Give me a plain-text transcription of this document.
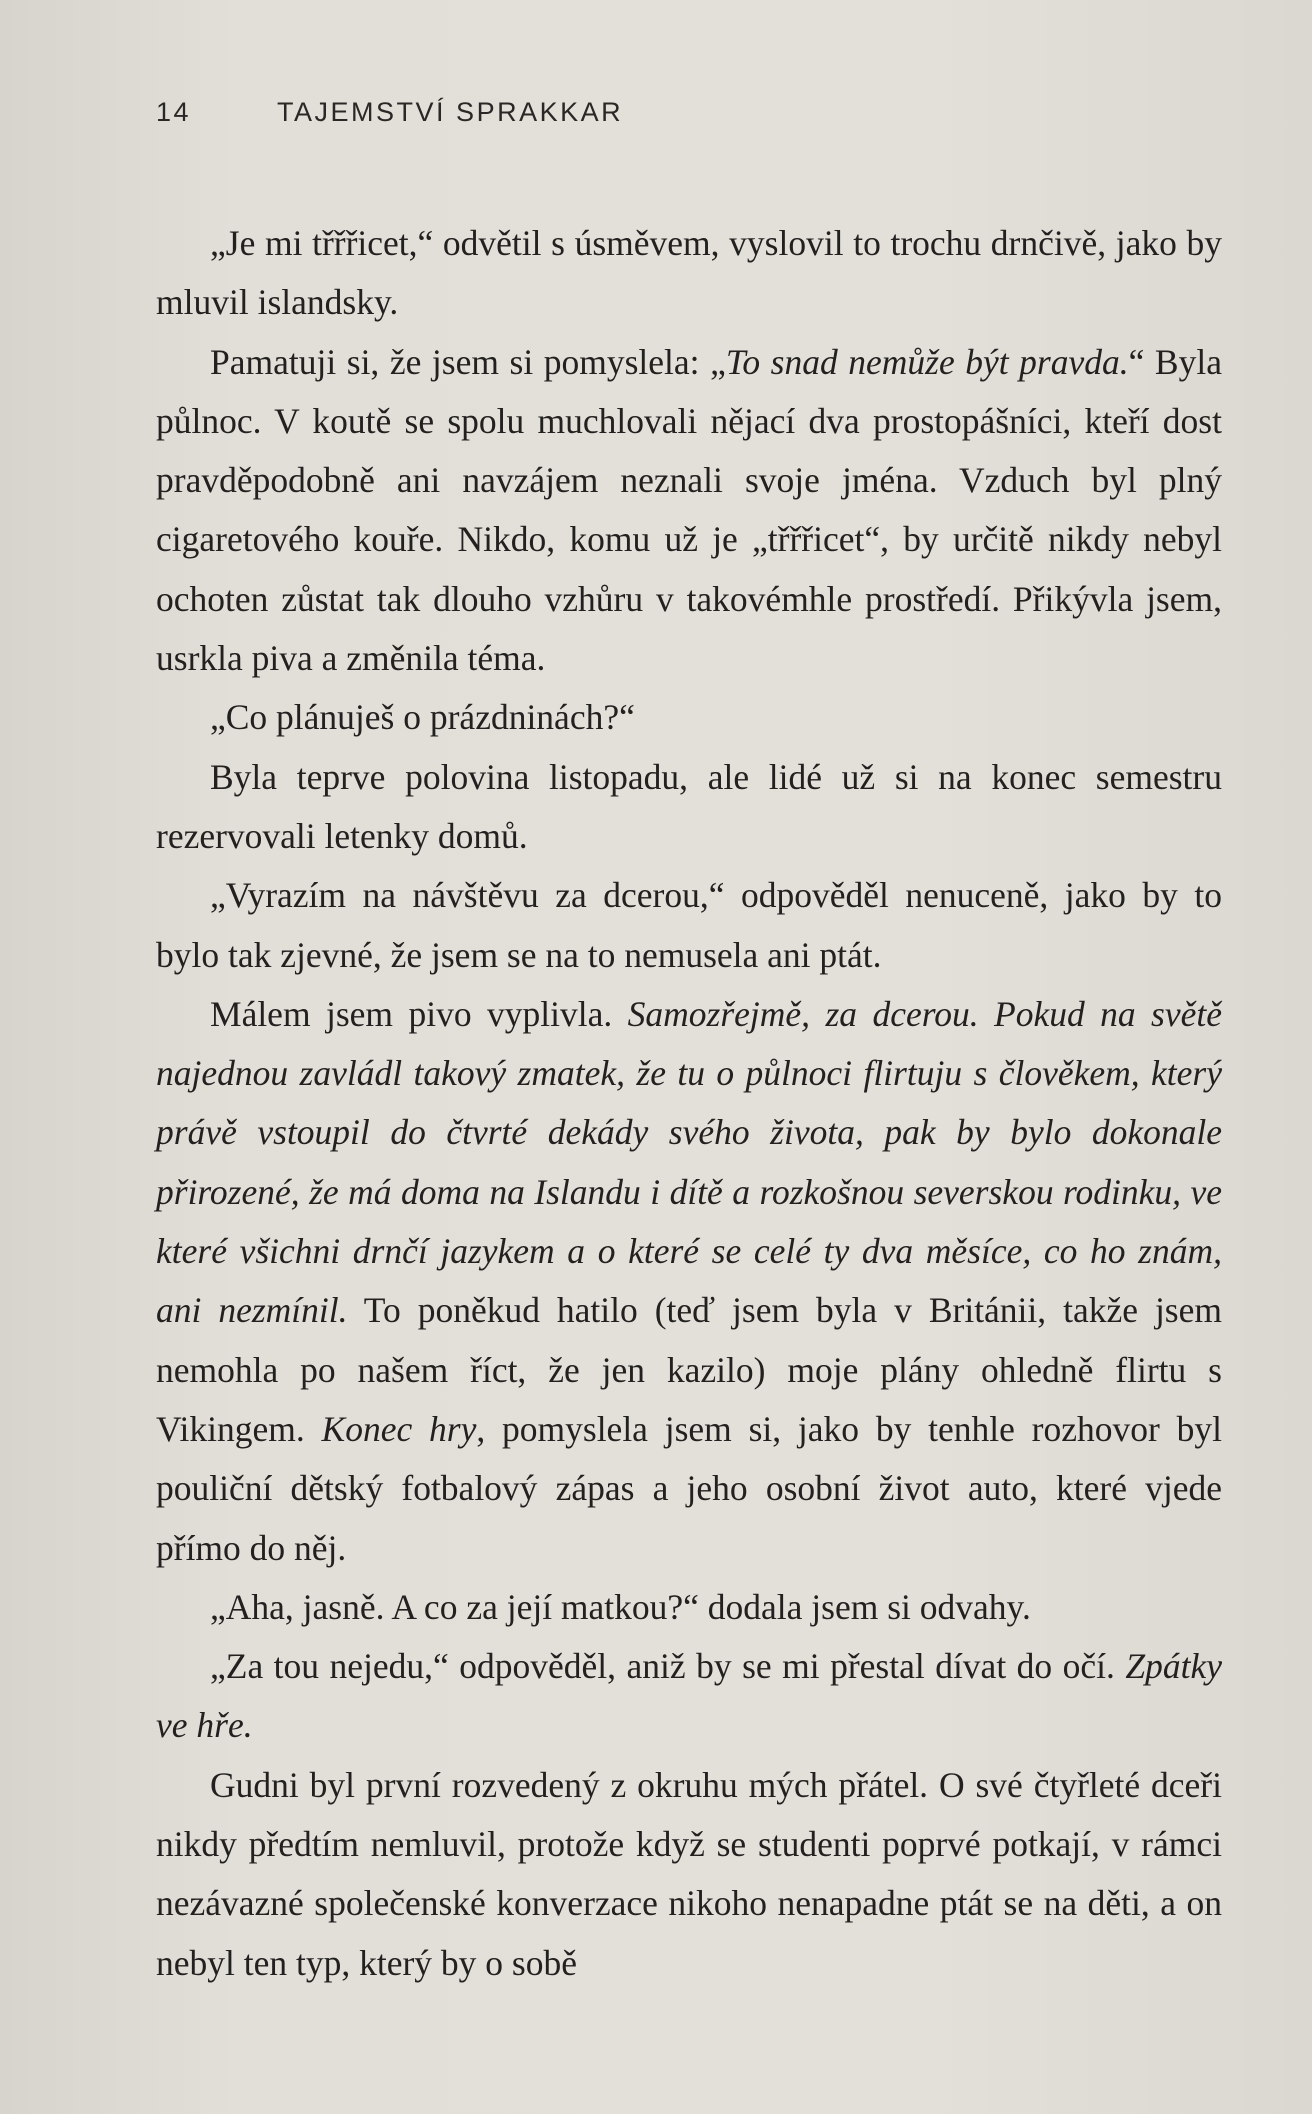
14	TAJEMSTVÍ SPRAKKAR

„Je mi třřřicet,“ odvětil s úsměvem, vyslovil to trochu drnčivě, jako by mluvil islandsky.

Pamatuji si, že jsem si pomyslela: „To snad nemůže být pravda.“ Byla půlnoc. V koutě se spolu muchlovali nějací dva prostopášníci, kteří dost pravděpodobně ani navzájem neznali svoje jména. Vzduch byl plný cigaretového kouře. Nikdo, komu už je „třřřicet“, by určitě nikdy nebyl ochoten zůstat tak dlouho vzhůru v takovémhle prostředí. Přikývla jsem, usrkla piva a změnila téma.

„Co plánuješ o prázdninách?“

Byla teprve polovina listopadu, ale lidé už si na konec semestru rezervovali letenky domů.

„Vyrazím na návštěvu za dcerou,“ odpověděl nenuceně, jako by to bylo tak zjevné, že jsem se na to nemusela ani ptát.

Málem jsem pivo vyplivla. Samozřejmě, za dcerou. Pokud na světě najednou zavládl takový zmatek, že tu o půlnoci flirtuju s člověkem, který právě vstoupil do čtvrté dekády svého života, pak by bylo dokonale přirozené, že má doma na Islandu i dítě a rozkošnou severskou rodinku, ve které všichni drnčí jazykem a o které se celé ty dva měsíce, co ho znám, ani nezmínil. To poněkud hatilo (teď jsem byla v Británii, takže jsem nemohla po našem říct, že jen kazilo) moje plány ohledně flirtu s Vikingem. Konec hry, pomyslela jsem si, jako by tenhle rozhovor byl pouliční dětský fotbalový zápas a jeho osobní život auto, které vjede přímo do něj.

„Aha, jasně. A co za její matkou?“ dodala jsem si odvahy.

„Za tou nejedu,“ odpověděl, aniž by se mi přestal dívat do očí. Zpátky ve hře.

Gudni byl první rozvedený z okruhu mých přátel. O své čtyřleté dceři nikdy předtím nemluvil, protože když se studenti poprvé potkají, v rámci nezávazné společenské konverzace nikoho nenapadne ptát se na děti, a on nebyl ten typ, který by o sobě
